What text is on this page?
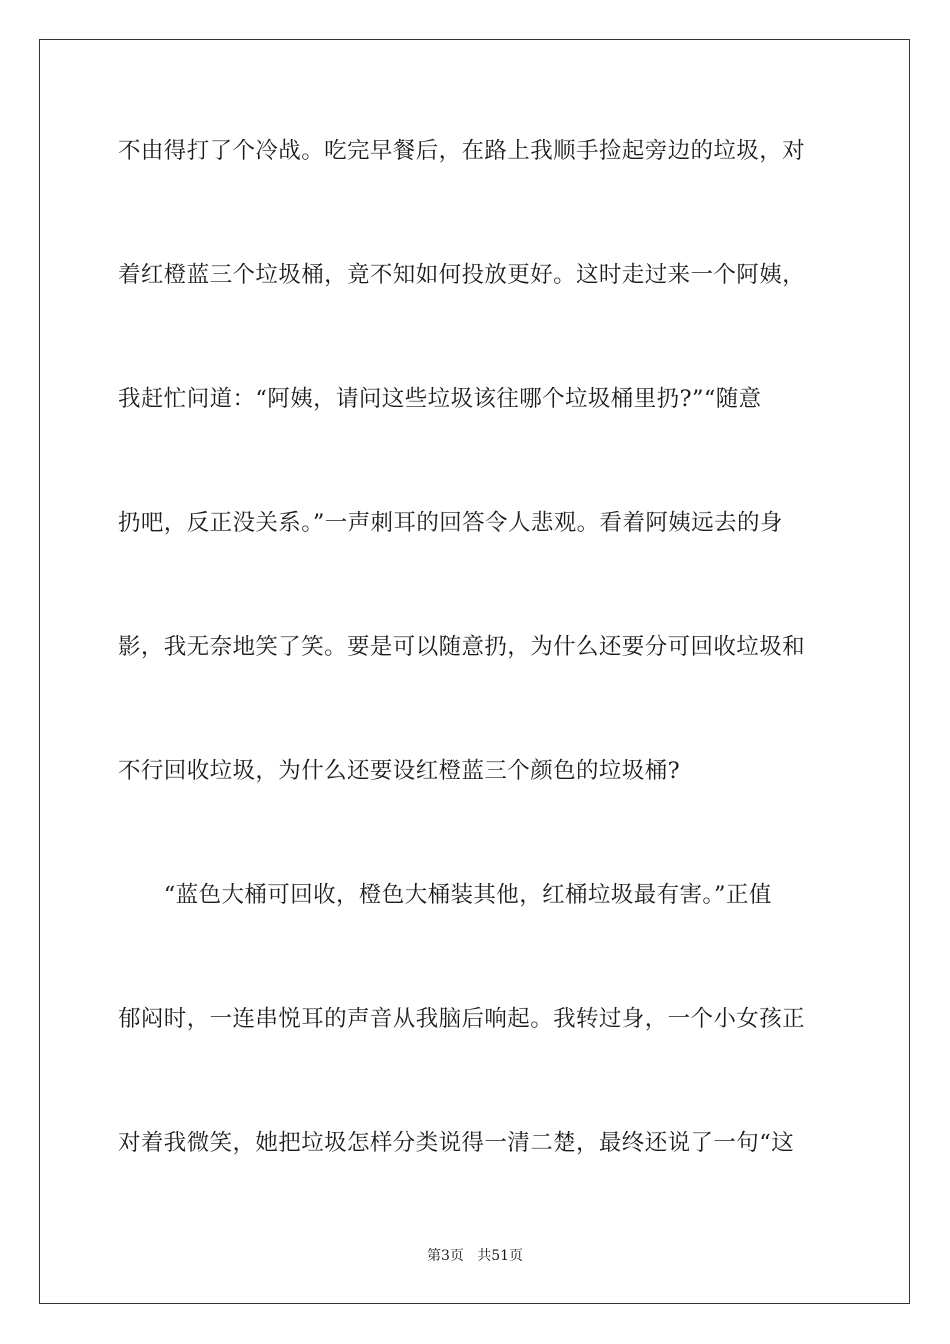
不由得打了个冷战。吃完早餐后，在路上我顺手捡起旁边的垃圾，对
着红橙蓝三个垃圾桶，竟不知如何投放更好。这时走过来一个阿姨，
我赶忙问道：“阿姨，请问这些垃圾该往哪个垃圾桶里扔?”“随意
扔吧，反正没关系。”一声刺耳的回答令人悲观。看着阿姨远去的身
影，我无奈地笑了笑。要是可以随意扔，为什么还要分可回收垃圾和
不行回收垃圾，为什么还要设红橙蓝三个颜色的垃圾桶?
　　“蓝色大桶可回收，橙色大桶装其他，红桶垃圾最有害。”正值
郁闷时，一连串悦耳的声音从我脑后响起。我转过身，一个小女孩正
对着我微笑，她把垃圾怎样分类说得一清二楚，最终还说了一句“这
第3页   共51页
